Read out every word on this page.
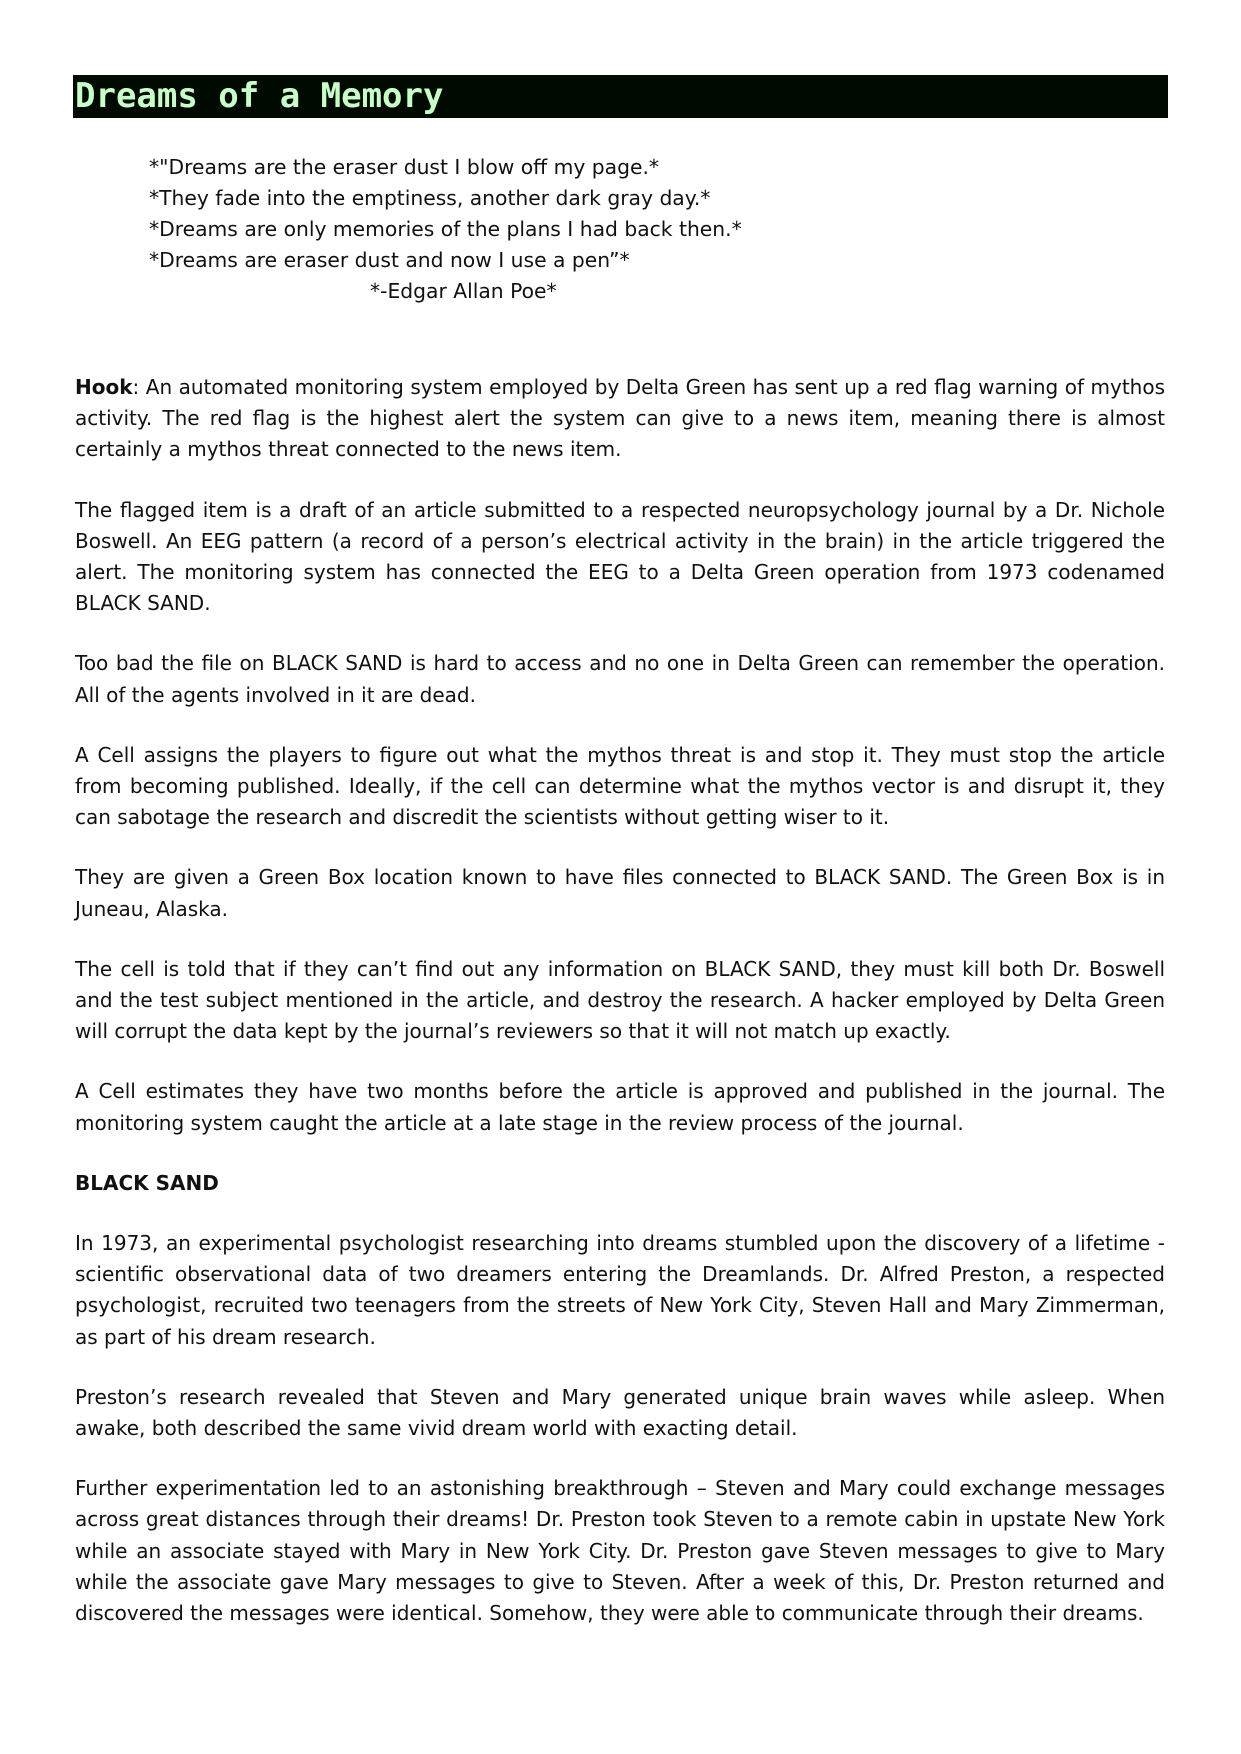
Dreams of a Memory
*"Dreams are the eraser dust I blow off my page.*
*They fade into the emptiness, another dark gray day.*
*Dreams are only memories of the plans I had back then.*
*Dreams are eraser dust and now I use a pen”*
*-Edgar Allan Poe*

Hook: An automated monitoring system employed by Delta Green has sent up a red flag warning of mythos activity. The red flag is the highest alert the system can give to a news item, meaning there is almost certainly a mythos threat connected to the news item.

The flagged item is a draft of an article submitted to a respected neuropsychology journal by a Dr. Nichole Boswell. An EEG pattern (a record of a person’s electrical activity in the brain) in the article triggered the alert. The monitoring system has connected the EEG to a Delta Green operation from 1973 codenamed BLACK SAND.

Too bad the file on BLACK SAND is hard to access and no one in Delta Green can remember the operation. All of the agents involved in it are dead.

A Cell assigns the players to figure out what the mythos threat is and stop it. They must stop the article from becoming published. Ideally, if the cell can determine what the mythos vector is and disrupt it, they can sabotage the research and discredit the scientists without getting wiser to it.

They are given a Green Box location known to have files connected to BLACK SAND. The Green Box is in Juneau, Alaska.

The cell is told that if they can’t find out any information on BLACK SAND, they must kill both Dr. Boswell and the test subject mentioned in the article, and destroy the research. A hacker employed by Delta Green will corrupt the data kept by the journal’s reviewers so that it will not match up exactly.

A Cell estimates they have two months before the article is approved and published in the journal. The monitoring system caught the article at a late stage in the review process of the journal.

BLACK SAND

In 1973, an experimental psychologist researching into dreams stumbled upon the discovery of a lifetime - scientific observational data of two dreamers entering the Dreamlands. Dr. Alfred Preston, a respected psychologist, recruited two teenagers from the streets of New York City, Steven Hall and Mary Zimmerman, as part of his dream research.

Preston’s research revealed that Steven and Mary generated unique brain waves while asleep. When awake, both described the same vivid dream world with exacting detail.

Further experimentation led to an astonishing breakthrough – Steven and Mary could exchange messages across great distances through their dreams! Dr. Preston took Steven to a remote cabin in upstate New York while an associate stayed with Mary in New York City. Dr. Preston gave Steven messages to give to Mary while the associate gave Mary messages to give to Steven. After a week of this, Dr. Preston returned and discovered the messages were identical. Somehow, they were able to communicate through their dreams.
